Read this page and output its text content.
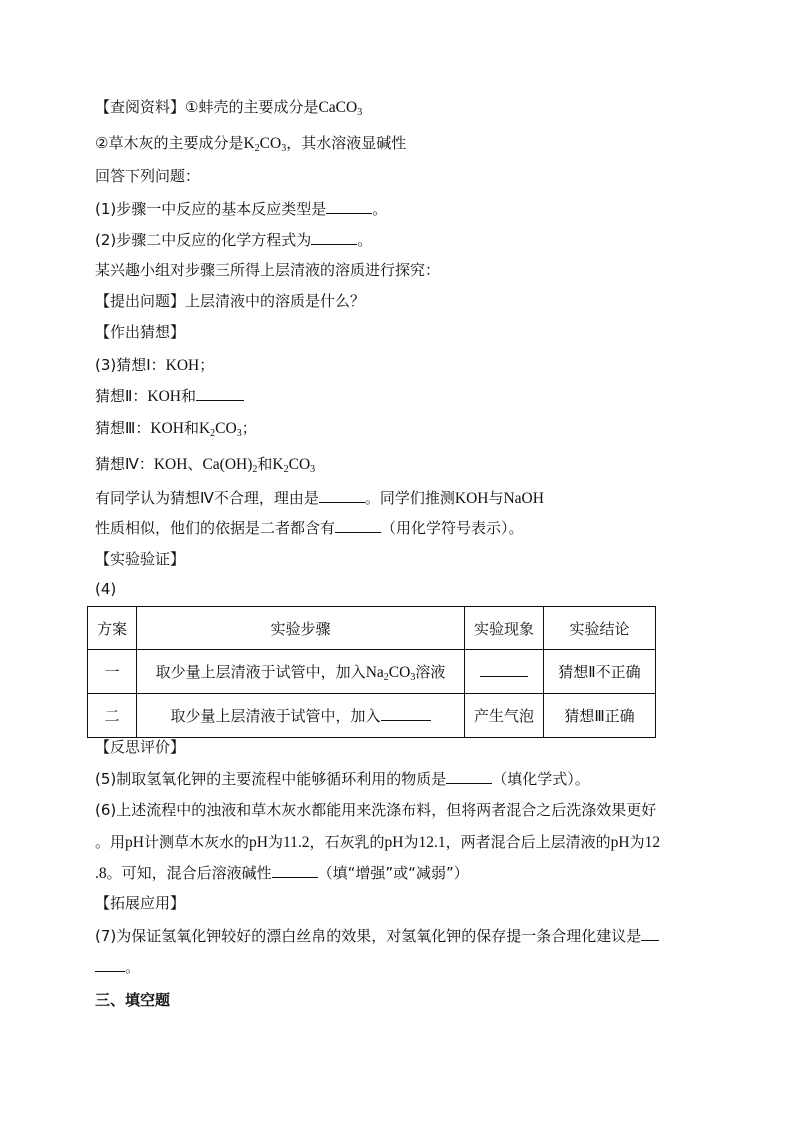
【查阅资料】①蚌壳的主要成分是CaCO$_3$
②草木灰的主要成分是$K_2CO_3$，其水溶液显碱性
回答下列问题：
(1)步骤一中反应的基本反应类型是	。
(2)步骤二中反应的化学方程式为	。
某兴趣小组对步骤三所得上层清液的溶质进行探究：
【提出问题】上层清液中的溶质是什么？
【作出猜想】
(3)猜想Ⅰ：KOH；
猜想Ⅱ：KOH和
猜想Ⅲ：KOH和$K_2CO_3$；
猜想Ⅳ：KOH、$Ca(OH)_2$和$K_2CO_3$
有同学认为猜想Ⅳ不合理，理由是	。同学们推测KOH与NaOH
性质相似，他们的依据是二者都含有	（用化学符号表示）。
【实验验证】
(4)
方案	实验步骤	实验现象	实验结论
一	取少量上层清液于试管中，加入$Na_2CO_3$溶液		猜想Ⅱ不正确
二	取少量上层清液于试管中，加入	产生气泡	猜想Ⅲ正确
【反思评价】
(5)制取氢氧化钾的主要流程中能够循环利用的物质是	（填化学式）。
(6)上述流程中的浊液和草木灰水都能用来洗涤布料，但将两者混合之后洗涤效果更好
。用pH计测草木灰水的pH为11.2，石灰乳的pH为12.1，两者混合后上层清液的pH为12
.8。可知，混合后溶液碱性	（填“增强”或“减弱”）
【拓展应用】
(7)为保证氢氧化钾较好的漂白丝帛的效果，对氢氧化钾的保存提一条合理化建议是
。
三、填空题
